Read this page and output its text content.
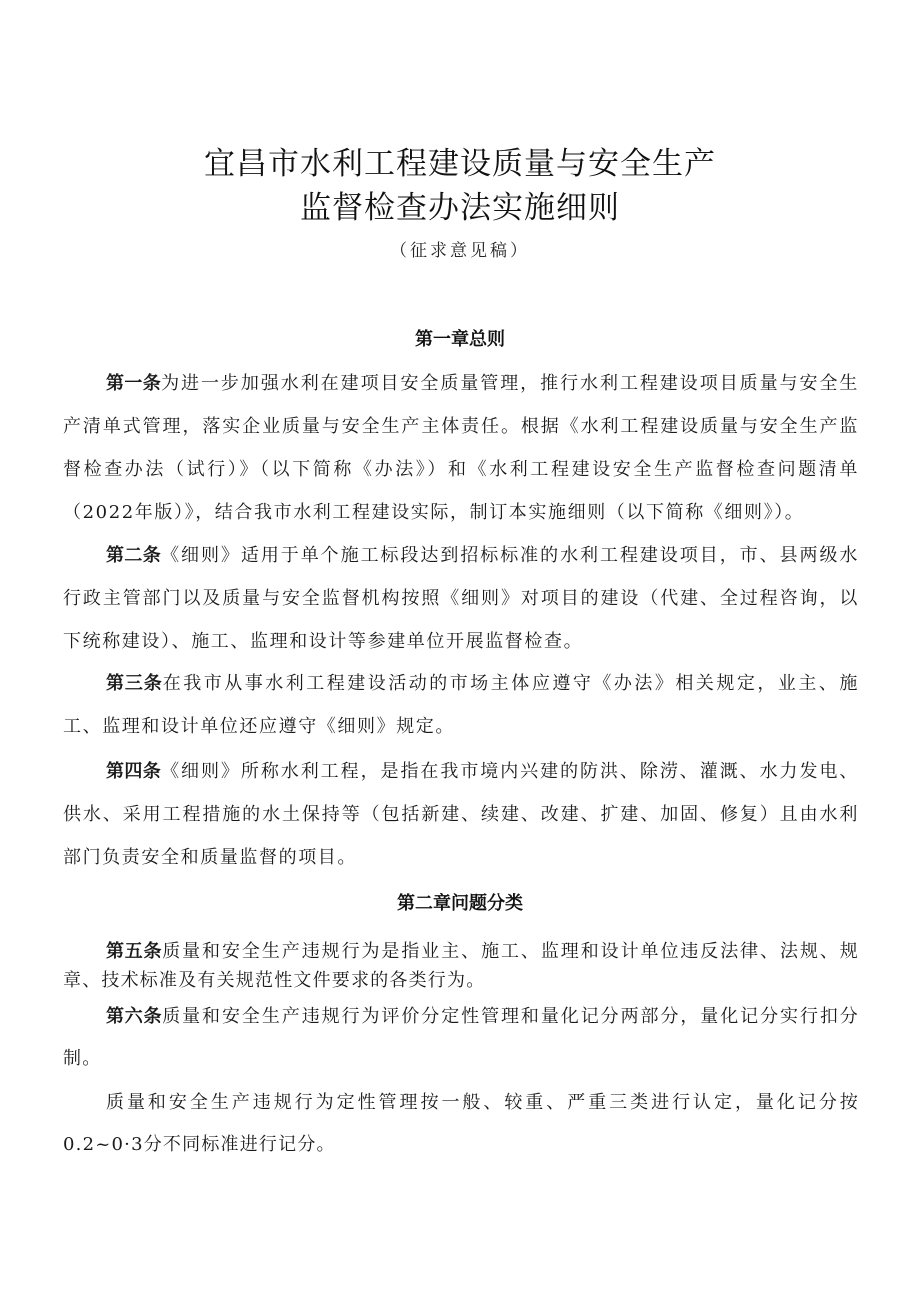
宜昌市水利工程建设质量与安全生产
监督检查办法实施细则
（征求意见稿）
第一章总则
第一条为进一步加强水利在建项目安全质量管理，推行水利工程建设项目质量与安全生产清单式管理，落实企业质量与安全生产主体责任。根据《水利工程建设质量与安全生产监督检查办法（试行）》（以下简称《办法》）和《水利工程建设安全生产监督检查问题清单（2022年版）》，结合我市水利工程建设实际，制订本实施细则（以下简称《细则》）。
第二条《细则》适用于单个施工标段达到招标标准的水利工程建设项目，市、县两级水行政主管部门以及质量与安全监督机构按照《细则》对项目的建设（代建、全过程咨询，以下统称建设）、施工、监理和设计等参建单位开展监督检查。
第三条在我市从事水利工程建设活动的市场主体应遵守《办法》相关规定，业主、施工、监理和设计单位还应遵守《细则》规定。
第四条《细则》所称水利工程，是指在我市境内兴建的防洪、除涝、灌溉、水力发电、供水、采用工程措施的水土保持等（包括新建、续建、改建、扩建、加固、修复）且由水利部门负责安全和质量监督的项目。
第二章问题分类
第五条质量和安全生产违规行为是指业主、施工、监理和设计单位违反法律、法规、规章、技术标准及有关规范性文件要求的各类行为。
第六条质量和安全生产违规行为评价分定性管理和量化记分两部分，量化记分实行扣分制。
质量和安全生产违规行为定性管理按一般、较重、严重三类进行认定，量化记分按0.2~0·3分不同标准进行记分。
